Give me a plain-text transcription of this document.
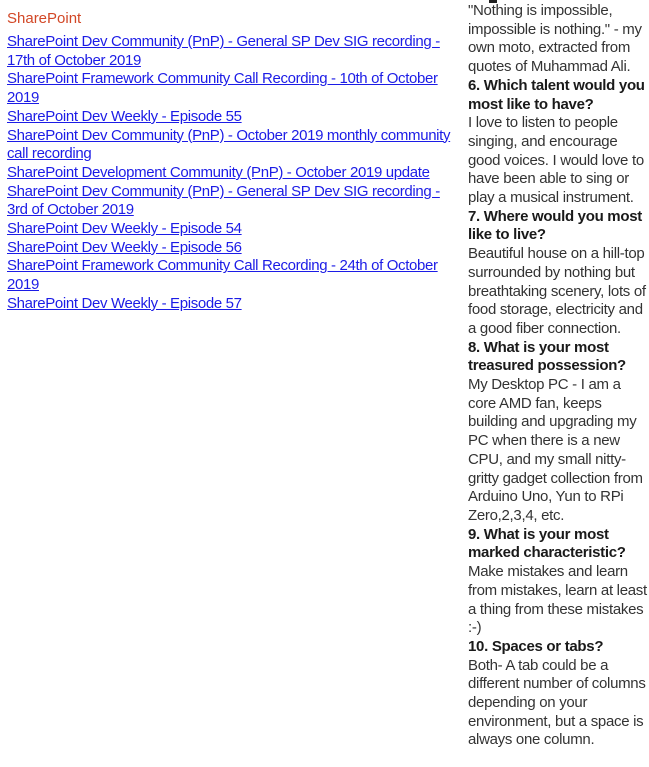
SharePoint
SharePoint Dev Community (PnP) - General SP Dev SIG recording - 17th of October 2019
SharePoint Framework Community Call Recording - 10th of October 2019
SharePoint Dev Weekly - Episode 55
SharePoint Dev Community (PnP) - October 2019 monthly community call recording
SharePoint Development Community (PnP) - October 2019 update
SharePoint Dev Community (PnP) - General SP Dev SIG recording - 3rd of October 2019
SharePoint Dev Weekly - Episode 54
SharePoint Dev Weekly - Episode 56
SharePoint Framework Community Call Recording - 24th of October 2019
SharePoint Dev Weekly - Episode 57

"Nothing is impossible, impossible is nothing." - my own moto, extracted from quotes of Muhammad Ali.

6. Which talent would you most like to have?

I love to listen to people singing, and encourage good voices. I would love to have been able to sing or play a musical instrument.

7. Where would you most like to live?

Beautiful house on a hill-top surrounded by nothing but breathtaking scenery, lots of food storage, electricity and a good fiber connection.

8. What is your most treasured possession?

My Desktop PC - I am a core AMD fan, keeps building and upgrading my PC when there is a new CPU, and my small nitty-gritty gadget collection from Arduino Uno, Yun to RPi Zero,2,3,4, etc.

9. What is your most marked characteristic?

Make mistakes and learn from mistakes, learn at least a thing from these mistakes :-)

10. Spaces or tabs?

Both- A tab could be a different number of columns depending on your environment, but a space is always one column.
